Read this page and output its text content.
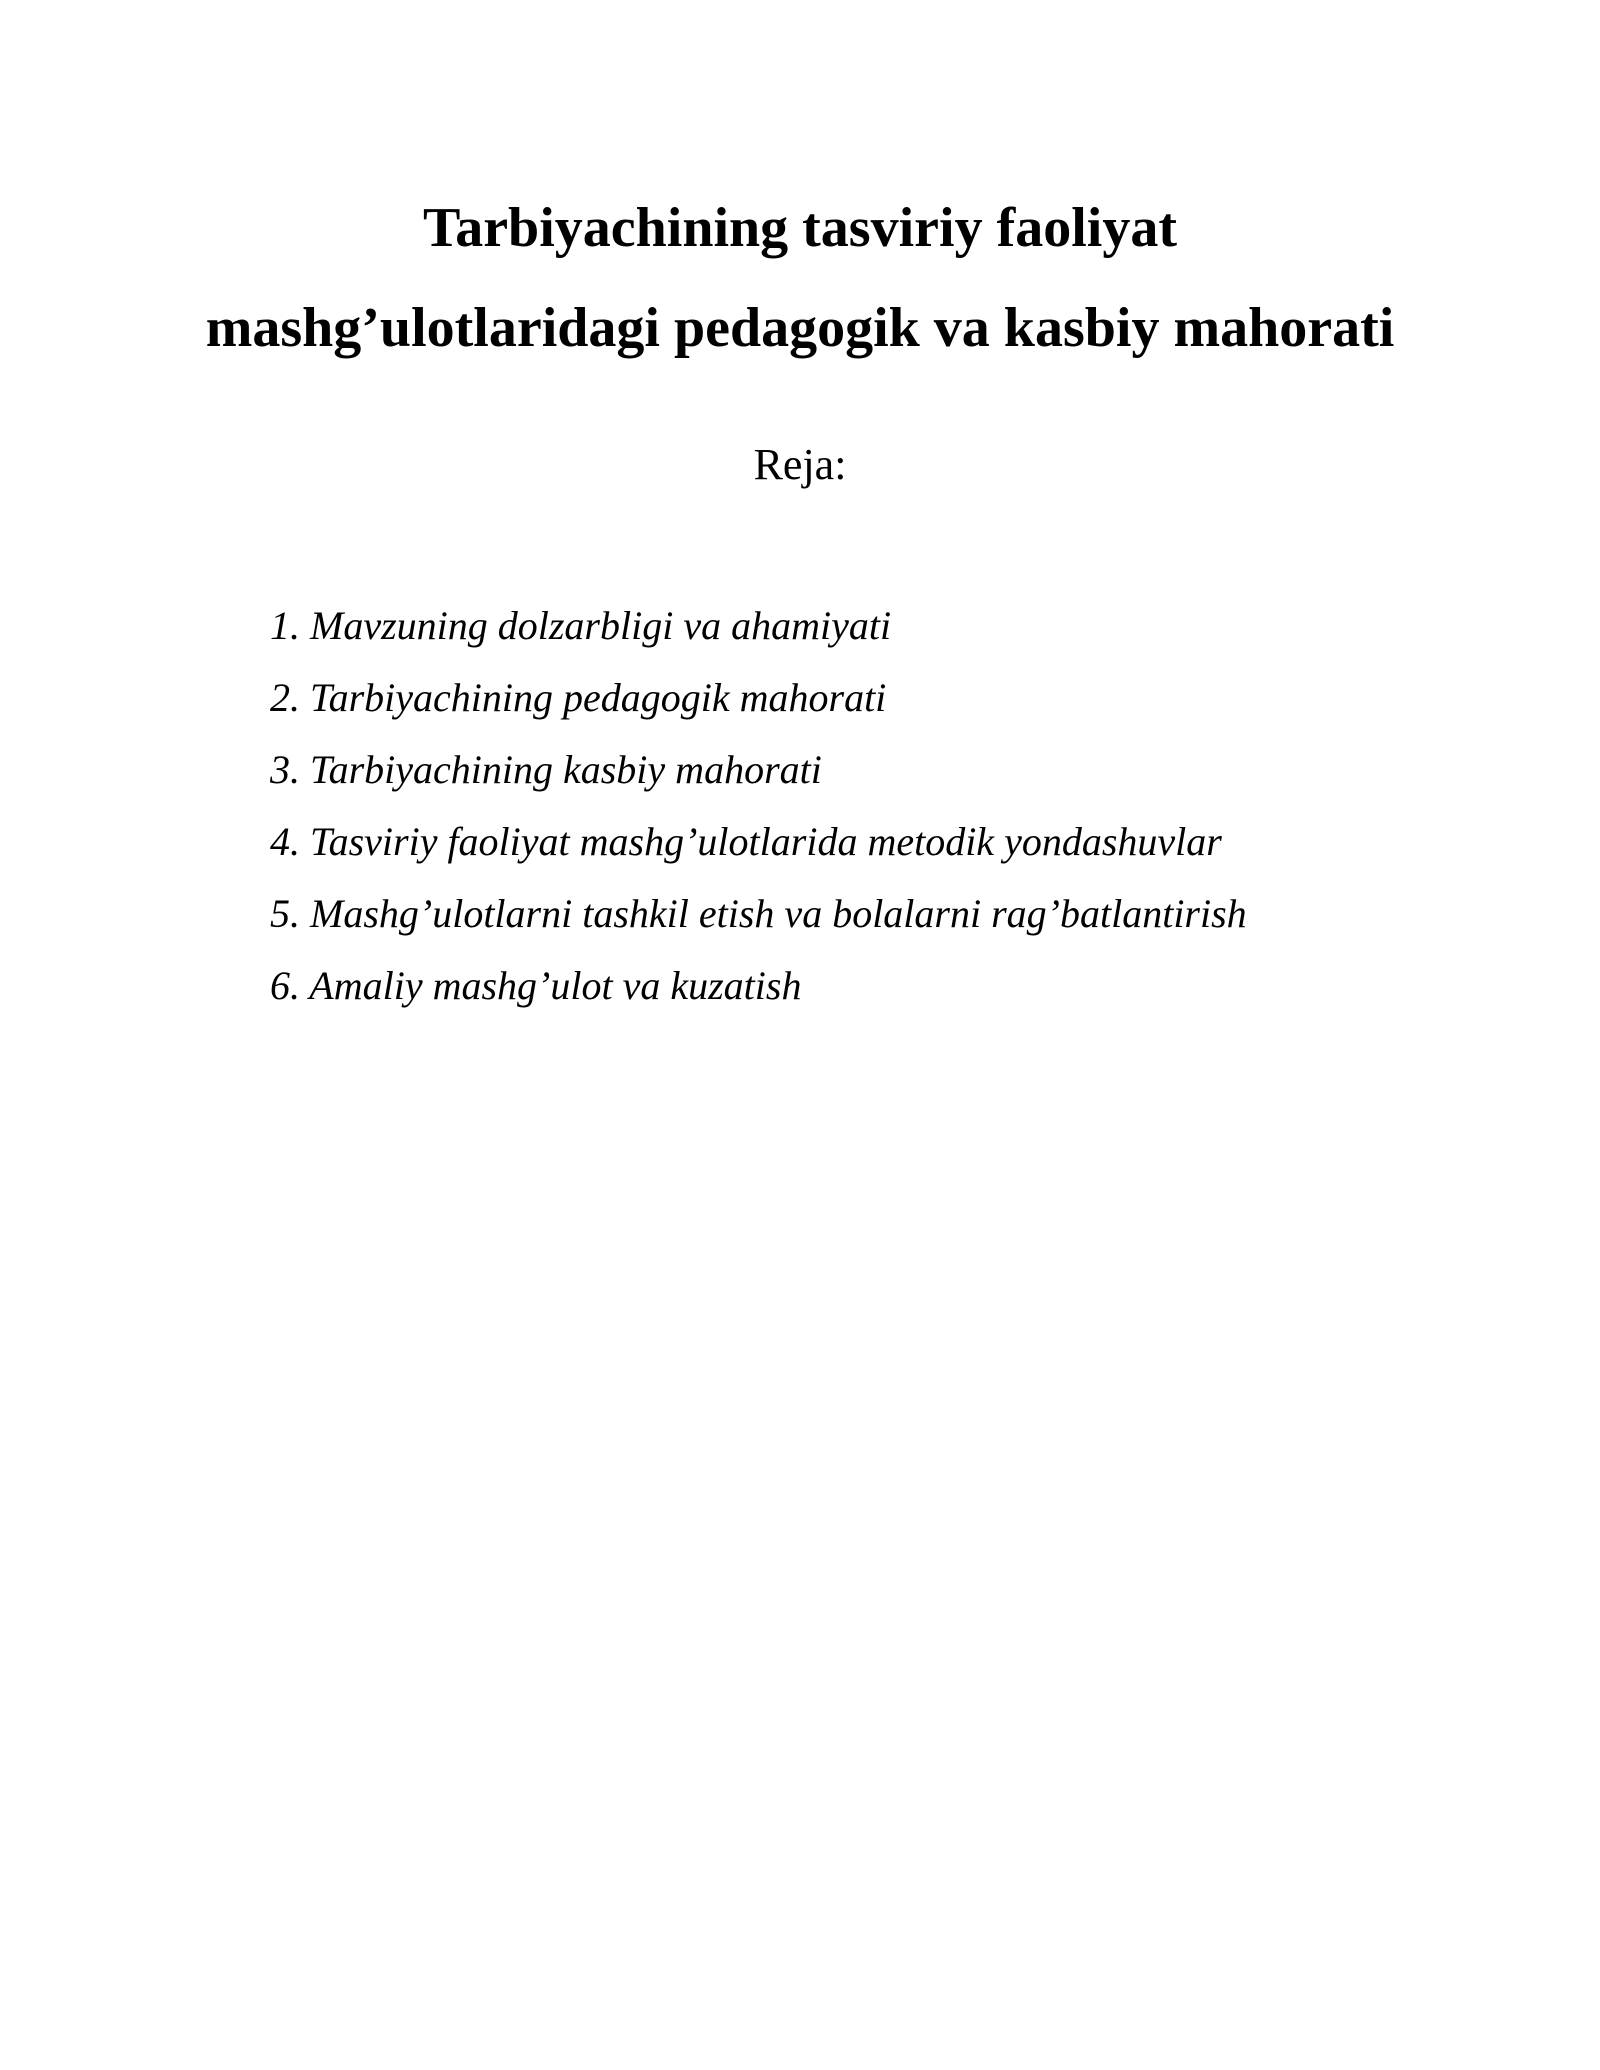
Tarbiyachining tasviriy faoliyat
mashg’ulotlaridagi pedagogik va kasbiy mahorati
Reja:
1. Mavzuning dolzarbligi va ahamiyati
2. Tarbiyachining pedagogik mahorati
3. Tarbiyachining kasbiy mahorati
4. Tasviriy faoliyat mashg’ulotlarida metodik yondashuvlar
5. Mashg’ulotlarni tashkil etish va bolalarni rag’batlantirish
6. Amaliy mashg’ulot va kuzatish
